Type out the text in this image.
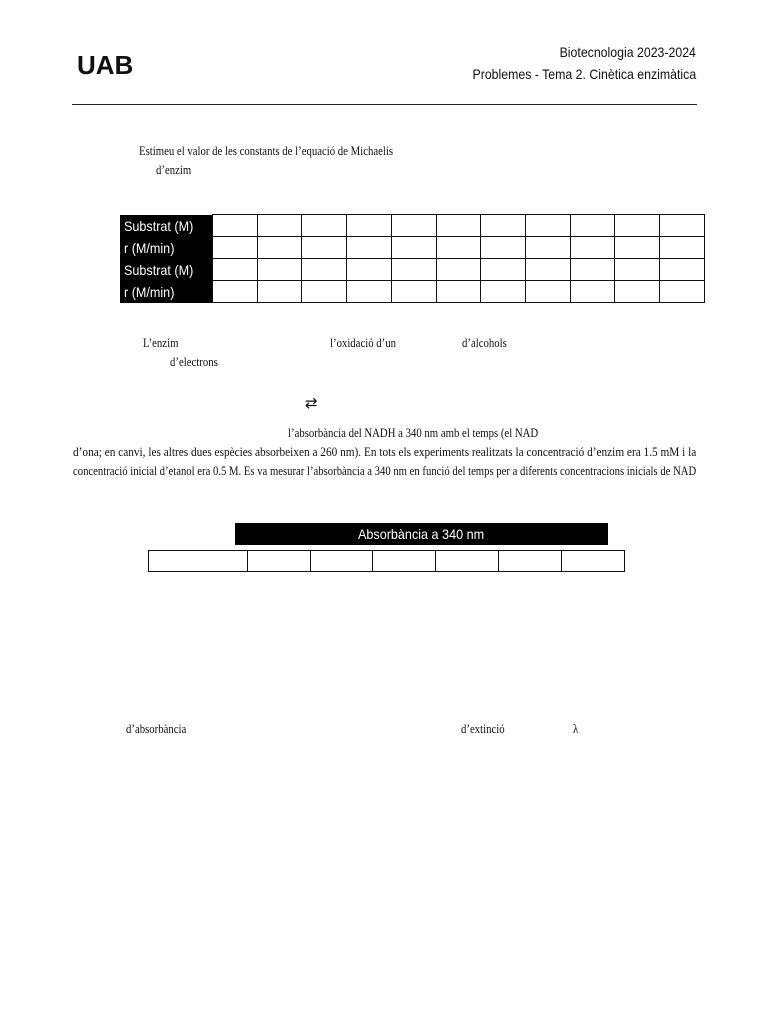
UAB	Biotecnologia 2023-2024
Problemes - Tema 2. Cinètica enzimàtica
Estimeu el valor de les constants de l’equació de Michaelis
d’enzim
Substrat (M)											
r (M/min)											
Substrat (M)											
r (M/min)											
L’enzim	l’oxidació d’un	d’alcohols
d’electrons
⇄
l’absorbància del NADH a 340 nm amb el temps (el NAD
d’ona; en canvi, les altres dues espècies absorbeixen a 260 nm). En tots els experiments realitzats la concentració d’enzim era 1.5 mM i la
concentració inicial d’etanol era 0.5 M. Es va mesurar l’absorbància a 340 nm en funció del temps per a diferents concentracions inicials de NAD
Absorbància a 340 nm

d’absorbància	d’extinció	λ
